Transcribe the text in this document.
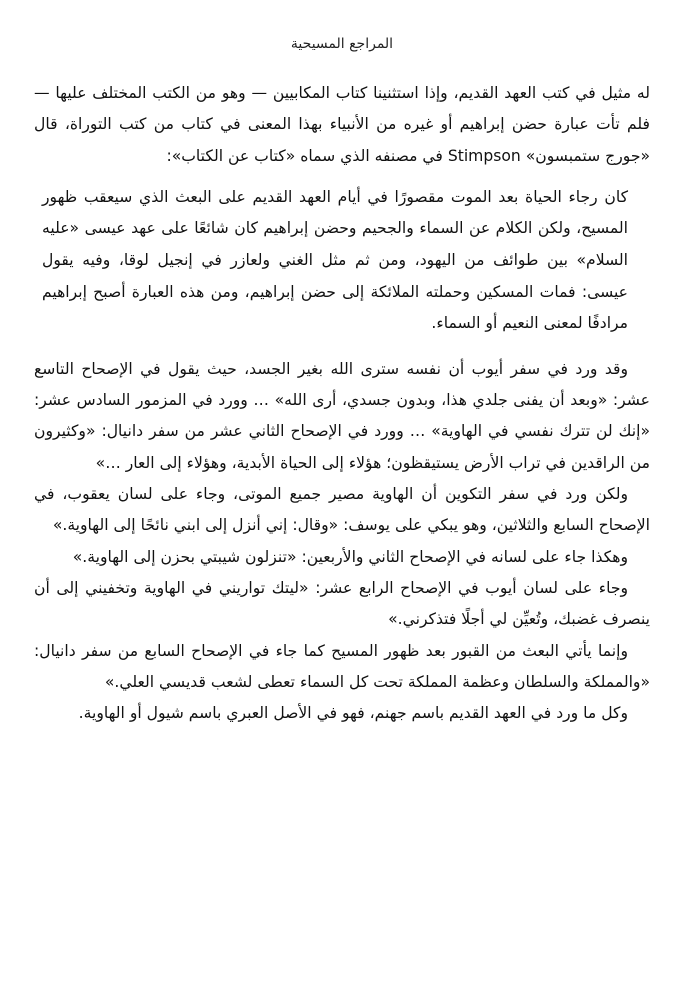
المراجع المسيحية

له مثيل في كتب العهد القديم، وإذا استثنينا كتاب المكابيين — وهو من الكتب المختلف عليها — فلم تأت عبارة حضن إبراهيم أو غيره من الأنبياء بهذا المعنى في كتاب من كتب التوراة، قال «جورج ستمبسون» Stimpson في مصنفه الذي سماه «كتاب عن الكتاب»:

كان رجاء الحياة بعد الموت مقصورًا في أيام العهد القديم على البعث الذي سيعقب ظهور المسيح، ولكن الكلام عن السماء والجحيم وحضن إبراهيم كان شائعًا على عهد عيسى «عليه السلام» بين طوائف من اليهود، ومن ثم مثل الغني ولعازر في إنجيل لوقا، وفيه يقول عيسى: فمات المسكين وحملته الملائكة إلى حضن إبراهيم، ومن هذه العبارة أصبح إبراهيم مرادفًا لمعنى النعيم أو السماء.

وقد ورد في سفر أيوب أن نفسه سترى الله بغير الجسد، حيث يقول في الإصحاح التاسع عشر: «وبعد أن يفنى جلدي هذا، وبدون جسدي، أرى الله» … وورد في المزمور السادس عشر: «إنك لن تترك نفسي في الهاوية» … وورد في الإصحاح الثاني عشر من سفر دانيال: «وكثيرون من الراقدين في تراب الأرض يستيقظون؛ هؤلاء إلى الحياة الأبدية، وهؤلاء إلى العار …»

ولكن ورد في سفر التكوين أن الهاوية مصير جميع الموتى، وجاء على لسان يعقوب، في الإصحاح السابع والثلاثين، وهو يبكي على يوسف: «وقال: إني أنزل إلى ابني نائحًا إلى الهاوية.»

وهكذا جاء على لسانه في الإصحاح الثاني والأربعين: «تنزلون شيبتي بحزن إلى الهاوية.»

وجاء على لسان أيوب في الإصحاح الرابع عشر: «ليتك تواريني في الهاوية وتخفيني إلى أن ينصرف غضبك، وتُعيِّن لي أجلًا فتذكرني.»

وإنما يأتي البعث من القبور بعد ظهور المسيح كما جاء في الإصحاح السابع من سفر دانيال: «والمملكة والسلطان وعظمة المملكة تحت كل السماء تعطى لشعب قديسي العلي.»

وكل ما ورد في العهد القديم باسم جهنم، فهو في الأصل العبري باسم شيول أو الهاوية.
